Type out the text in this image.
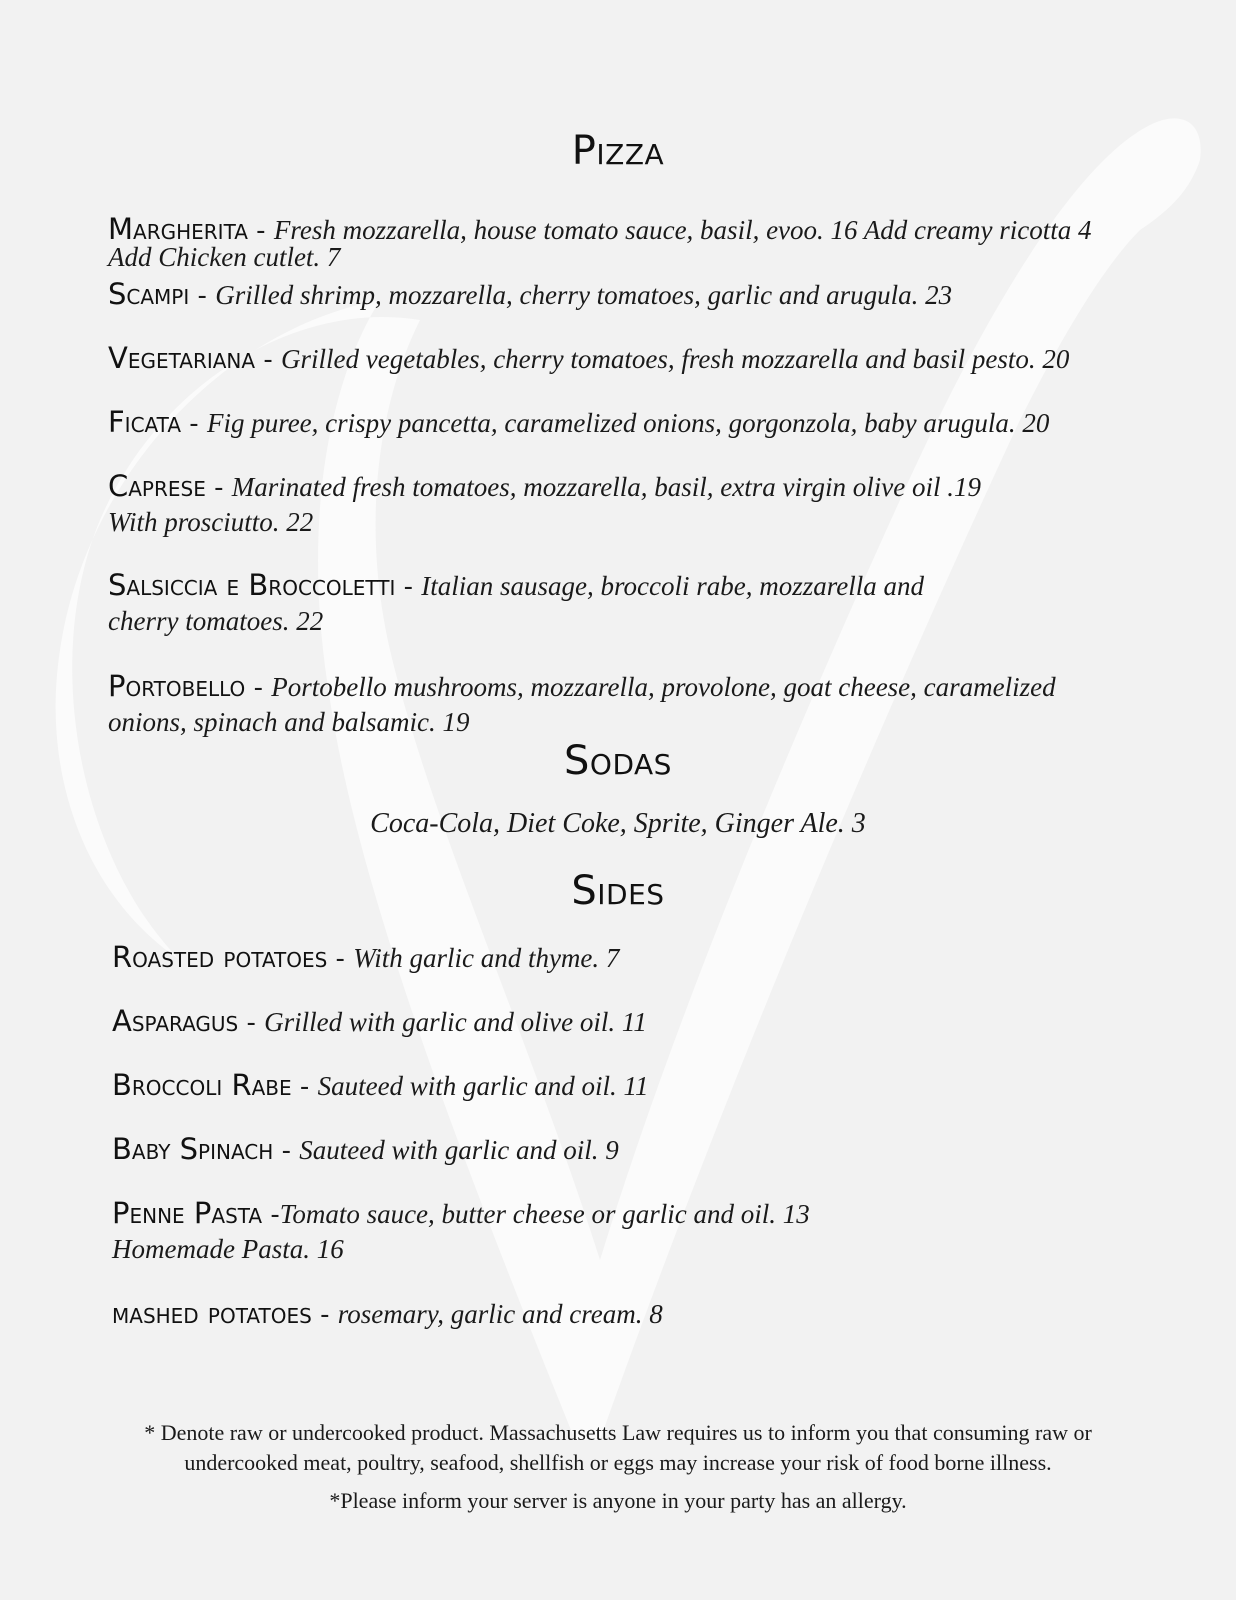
Pizza
Margherita - Fresh mozzarella, house tomato sauce, basil, evoo. 16 Add creamy ricotta 4
Add Chicken cutlet. 7
Scampi - Grilled shrimp, mozzarella, cherry tomatoes, garlic and arugula. 23
Vegetariana - Grilled vegetables, cherry tomatoes, fresh mozzarella and basil pesto. 20
Ficata - Fig puree, crispy pancetta, caramelized onions, gorgonzola, baby arugula. 20
Caprese - Marinated fresh tomatoes, mozzarella, basil, extra virgin olive oil .19
With prosciutto. 22
Salsiccia e Broccoletti - Italian sausage, broccoli rabe, mozzarella and
cherry tomatoes. 22
Portobello - Portobello mushrooms, mozzarella, provolone, goat cheese, caramelized
onions, spinach and balsamic. 19
Sodas
Coca-Cola, Diet Coke, Sprite, Ginger Ale. 3
Sides
Roasted potatoes - With garlic and thyme. 7
Asparagus - Grilled with garlic and olive oil. 11
Broccoli Rabe - Sauteed with garlic and oil. 11
Baby Spinach - Sauteed with garlic and oil. 9
Penne Pasta -Tomato sauce, butter cheese or garlic and oil. 13
Homemade Pasta. 16
mashed potatoes - rosemary, garlic and cream. 8
* Denote raw or undercooked product. Massachusetts Law requires us to inform you that consuming raw or
undercooked meat, poultry, seafood, shellfish or eggs may increase your risk of food borne illness.
*Please inform your server is anyone in your party has an allergy.
